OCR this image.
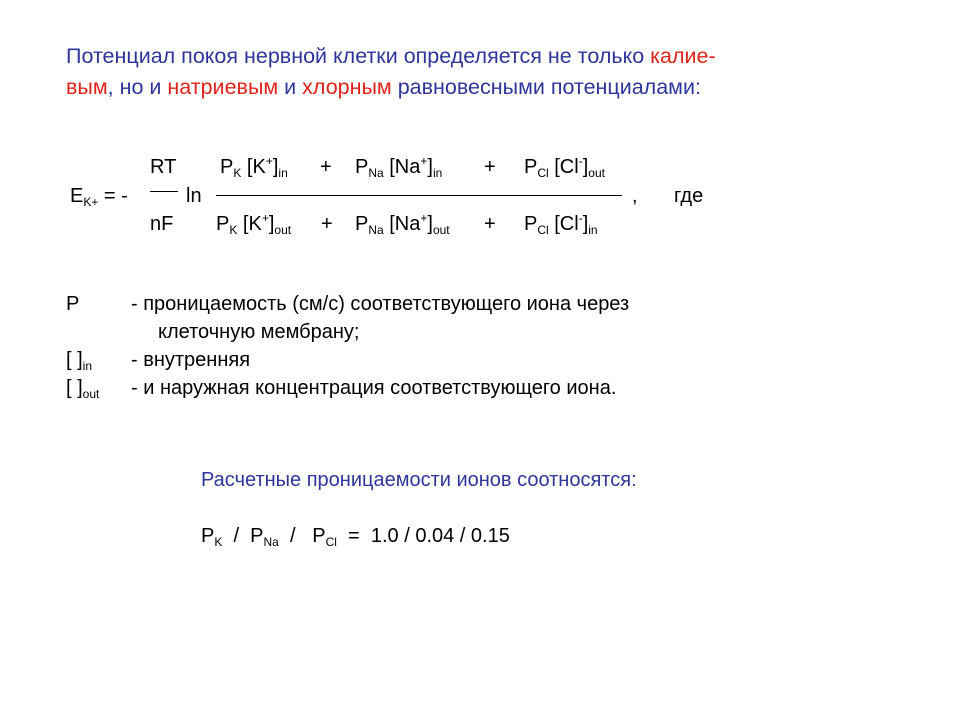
Потенциал покоя нервной клетки определяется не только калие-
вым, но и натриевым и хлорным равновесными потенциалами:
RT
nF
$E_{K+}$ = -	ln
$P_K$ $[K^+]_{in} + P_{Na}$ $[Na^+]_{in} + P_{Cl}$ $[Cl^-]_{out}$
, где
$P_K$ $[K^+]_{out} + P_{Na}$ $[Na^+]_{out} + P_{Cl}$ $[Cl^-]_{in}$
P	- проницаемость (см/с) соответствующего иона через
клеточную мембрану;
[ ]$_{in}$ - внутренняя
[ ]$_{out}$ - и наружная концентрация соответствующего иона.
Расчетные проницаемости ионов соотносятся:
$P_K / P_{Na} / P_{Cl} = 1.0 / 0.04 / 0.15$
